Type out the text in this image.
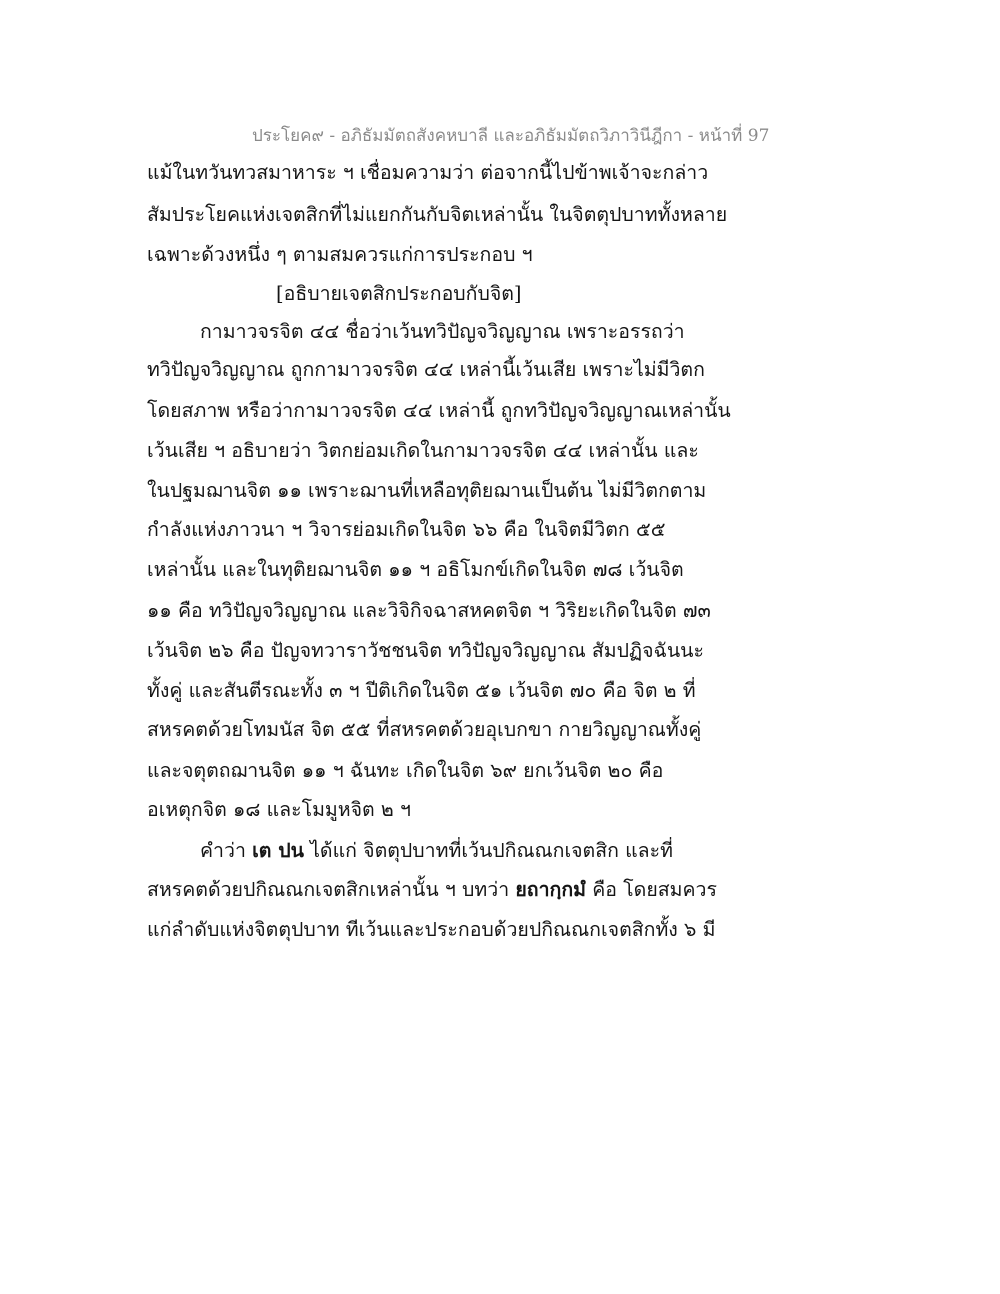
ประโยค๙ - อภิธัมมัตถสังคหบาลี และอภิธัมมัตถวิภาวินีฎีกา - หน้าที่ 97
แม้ในทวันทวสมาหาระ ฯ เชื่อมความว่า ต่อจากนี้ไปข้าพเจ้าจะกล่าว
สัมประโยคแห่งเจตสิกที่ไม่แยกกันกับจิตเหล่านั้น ในจิตตุปบาททั้งหลาย
เฉพาะด้วงหนึ่ง ๆ ตามสมควรแก่การประกอบ ฯ
[อธิบายเจตสิกประกอบกับจิต]
กามาวจรจิต ๔๔ ชื่อว่าเว้นทวิปัญจวิญญาณ เพราะอรรถว่า
ทวิปัญจวิญญาณ ถูกกามาวจรจิต ๔๔ เหล่านี้เว้นเสีย เพราะไม่มีวิตก
โดยสภาพ หรือว่ากามาวจรจิต ๔๔ เหล่านี้ ถูกทวิปัญจวิญญาณเหล่านั้น
เว้นเสีย ฯ อธิบายว่า วิตกย่อมเกิดในกามาวจรจิต ๔๔ เหล่านั้น และ
ในปฐมฌานจิต ๑๑ เพราะฌานที่เหลือทุติยฌานเป็นต้น ไม่มีวิตกตาม
กำลังแห่งภาวนา ฯ วิจารย่อมเกิดในจิต ๖๖ คือ ในจิตมีวิตก ๕๕
เหล่านั้น และในทุติยฌานจิต ๑๑ ฯ อธิโมกข์เกิดในจิต ๗๘ เว้นจิต
๑๑ คือ ทวิปัญจวิญญาณ และวิจิกิจฉาสหคตจิต ฯ วิริยะเกิดในจิต ๗๓
เว้นจิต ๒๖ คือ ปัญจทวาราวัชชนจิต ทวิปัญจวิญญาณ สัมปฏิจฉันนะ
ทั้งคู่ และสันตีรณะทั้ง ๓ ฯ ปีติเกิดในจิต ๕๑ เว้นจิต ๗๐ คือ จิต ๒ ที่
สหรคตด้วยโทมนัส จิต ๕๕ ที่สหรคตด้วยอุเบกขา กายวิญญาณทั้งคู่
และจตุตถฌานจิต ๑๑ ฯ ฉันทะ เกิดในจิต ๖๙ ยกเว้นจิต ๒๐ คือ
อเหตุกจิต ๑๘ และโมมูหจิต ๒ ฯ
คำว่า เต ปน ได้แก่ จิตตุปบาทที่เว้นปกิณณกเจตสิก และที่
สหรคตด้วยปกิณณกเจตสิกเหล่านั้น ฯ บทว่า ยถากฺกมํ คือ โดยสมควร
แก่ลำดับแห่งจิตตุปบาท ทีเว้นและประกอบด้วยปกิณณกเจตสิกทั้ง ๖ มี
